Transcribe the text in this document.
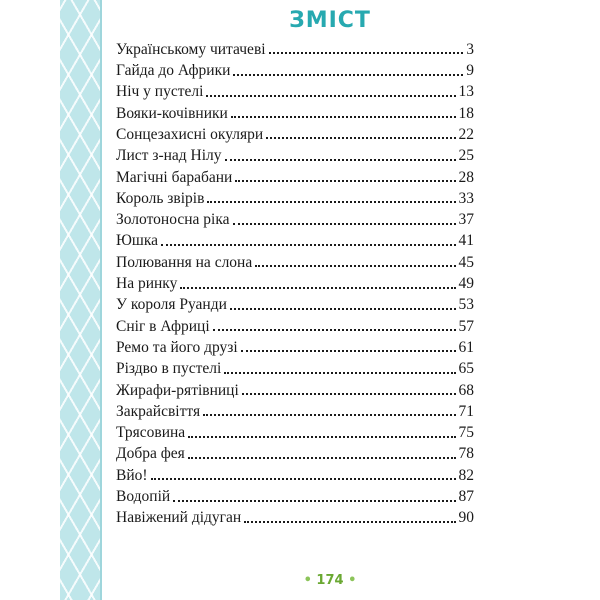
ЗМІСТ
Українському читачеві	3
Гайда до Африки	9
Ніч у пустелі	13
Вояки-кочівники	18
Сонцезахисні окуляри	22
Лист з-над Нілу	25
Магічні барабани	28
Король звірів	33
Золотоносна ріка	37
Юшка	41
Полювання на слона	45
На ринку	49
У короля Руанди	53
Сніг в Африці	57
Ремо та його друзі	61
Різдво в пустелі	65
Жирафи-рятівниці	68
Закрайсвіття	71
Трясовина	75
Добра фея	78
Вйо!	82
Водопій	87
Навіжений дідуган	90
• 174 •
